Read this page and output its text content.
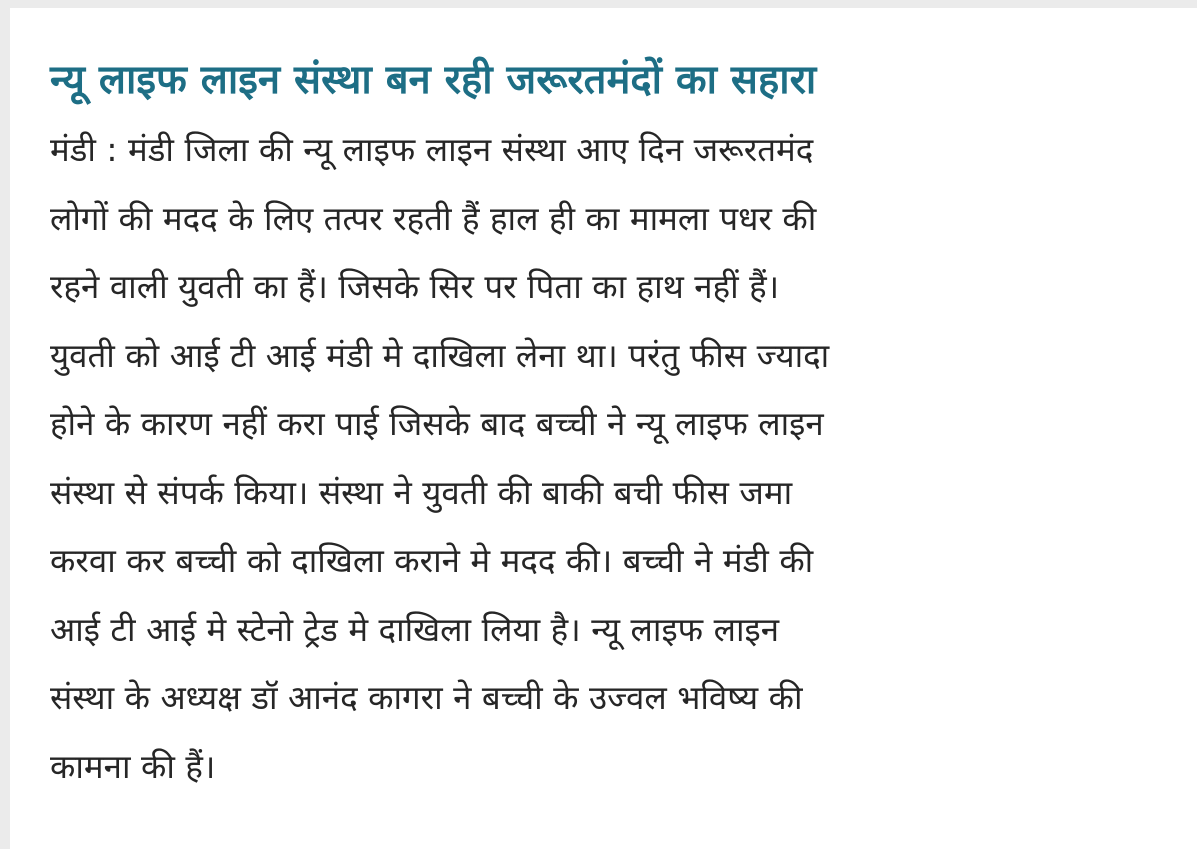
न्यू लाइफ लाइन संस्था बन रही जरूरतमंदों का सहारा
मंडी : मंडी जिला की न्यू लाइफ लाइन संस्था आए दिन जरूरतमंद
लोगों की मदद के लिए तत्पर रहती हैं हाल ही का मामला पधर की
रहने वाली युवती का हैं। जिसके सिर पर पिता का हाथ नहीं हैं।
युवती को आई टी आई मंडी मे दाखिला लेना था। परंतु फीस ज्यादा
होने के कारण नहीं करा पाई जिसके बाद बच्ची ने न्यू लाइफ लाइन
संस्था से संपर्क किया। संस्था ने युवती की बाकी बची फीस जमा
करवा कर बच्ची को दाखिला कराने मे मदद की। बच्ची ने मंडी की
आई टी आई मे स्टेनो ट्रेड मे दाखिला लिया है। न्यू लाइफ लाइन
संस्था के अध्यक्ष डॉ आनंद कागरा ने बच्ची के उज्वल भविष्य की
कामना की हैं।
